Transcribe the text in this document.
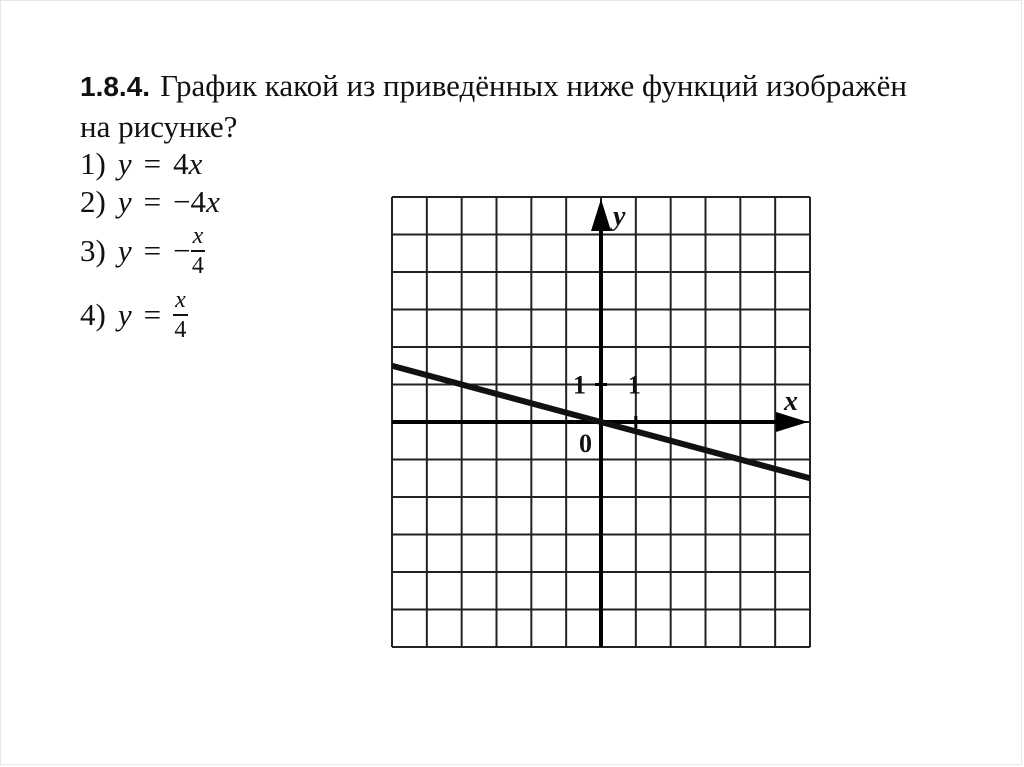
1.8.4. График какой из приведённых ниже функций изображён
на рисунке?
1) y = 4 x
2) y = −4 x
3) y = − $\frac{x}{4}$
4) $y = \frac{x}{4}$
x
y
0
1
1
